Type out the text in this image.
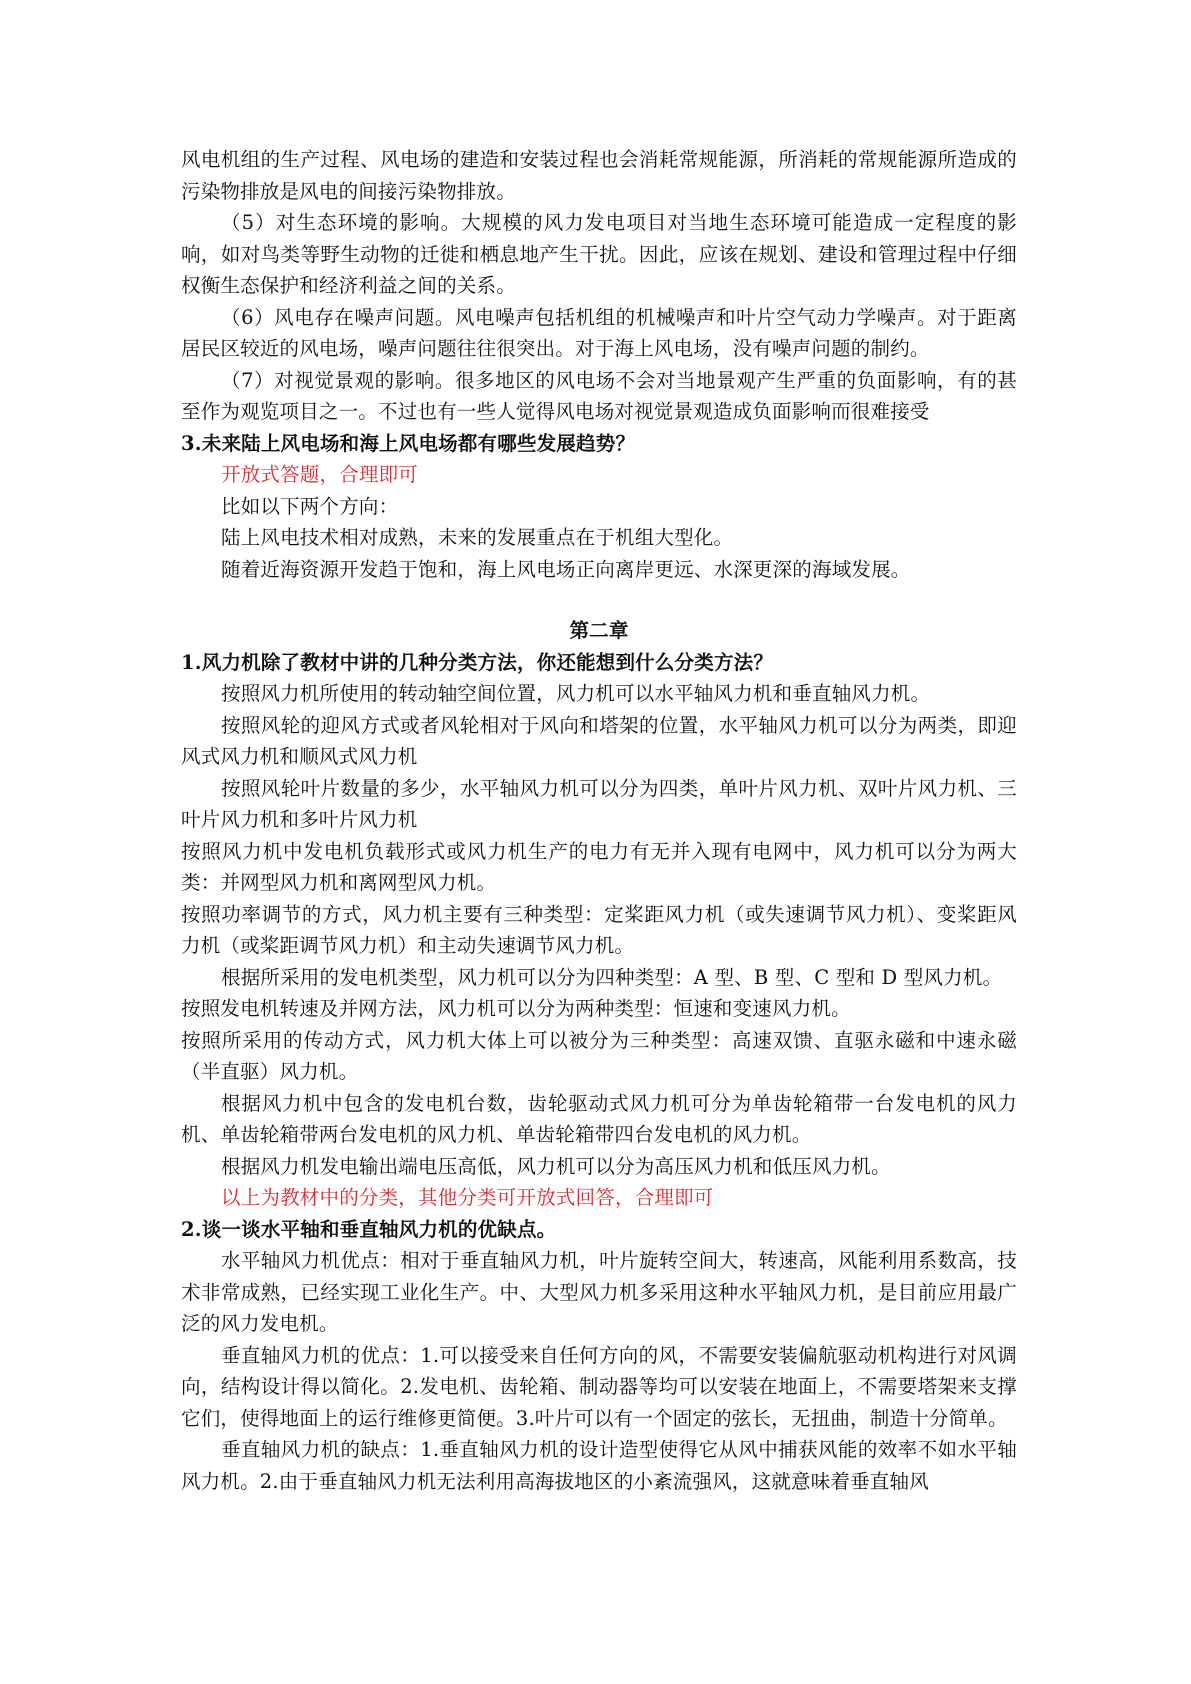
风电机组的生产过程、风电场的建造和安装过程也会消耗常规能源，所消耗的常规能源所造成的污染物排放是风电的间接污染物排放。

（5）对生态环境的影响。大规模的风力发电项目对当地生态环境可能造成一定程度的影响，如对鸟类等野生动物的迁徙和栖息地产生干扰。因此，应该在规划、建设和管理过程中仔细权衡生态保护和经济利益之间的关系。

（6）风电存在噪声问题。风电噪声包括机组的机械噪声和叶片空气动力学噪声。对于距离居民区较近的风电场，噪声问题往往很突出。对于海上风电场，没有噪声问题的制约。

（7）对视觉景观的影响。很多地区的风电场不会对当地景观产生严重的负面影响，有的甚至作为观览项目之一。不过也有一些人觉得风电场对视觉景观造成负面影响而很难接受

3.未来陆上风电场和海上风电场都有哪些发展趋势？

开放式答题，合理即可

比如以下两个方向：

陆上风电技术相对成熟，未来的发展重点在于机组大型化。

随着近海资源开发趋于饱和，海上风电场正向离岸更远、水深更深的海域发展。

第二章

1.风力机除了教材中讲的几种分类方法，你还能想到什么分类方法？

按照风力机所使用的转动轴空间位置，风力机可以水平轴风力机和垂直轴风力机。

按照风轮的迎风方式或者风轮相对于风向和塔架的位置，水平轴风力机可以分为两类，即迎风式风力机和顺风式风力机

按照风轮叶片数量的多少，水平轴风力机可以分为四类，单叶片风力机、双叶片风力机、三叶片风力机和多叶片风力机

按照风力机中发电机负载形式或风力机生产的电力有无并入现有电网中，风力机可以分为两大类：并网型风力机和离网型风力机。

按照功率调节的方式，风力机主要有三种类型：定桨距风力机（或失速调节风力机）、变桨距风力机（或桨距调节风力机）和主动失速调节风力机。

根据所采用的发电机类型，风力机可以分为四种类型：A 型、B 型、C 型和 D 型风力机。

按照发电机转速及并网方法，风力机可以分为两种类型：恒速和变速风力机。

按照所采用的传动方式，风力机大体上可以被分为三种类型：高速双馈、直驱永磁和中速永磁（半直驱）风力机。

根据风力机中包含的发电机台数，齿轮驱动式风力机可分为单齿轮箱带一台发电机的风力机、单齿轮箱带两台发电机的风力机、单齿轮箱带四台发电机的风力机。

根据风力机发电输出端电压高低，风力机可以分为高压风力机和低压风力机。

以上为教材中的分类，其他分类可开放式回答，合理即可

2.谈一谈水平轴和垂直轴风力机的优缺点。

水平轴风力机优点：相对于垂直轴风力机，叶片旋转空间大，转速高，风能利用系数高，技术非常成熟，已经实现工业化生产。中、大型风力机多采用这种水平轴风力机，是目前应用最广泛的风力发电机。

垂直轴风力机的优点：1.可以接受来自任何方向的风，不需要安装偏航驱动机构进行对风调向，结构设计得以简化。2.发电机、齿轮箱、制动器等均可以安装在地面上，不需要塔架来支撑它们，使得地面上的运行维修更简便。3.叶片可以有一个固定的弦长，无扭曲，制造十分简单。

垂直轴风力机的缺点：1.垂直轴风力机的设计造型使得它从风中捕获风能的效率不如水平轴风力机。2.由于垂直轴风力机无法利用高海拔地区的小紊流强风，这就意味着垂直轴风
